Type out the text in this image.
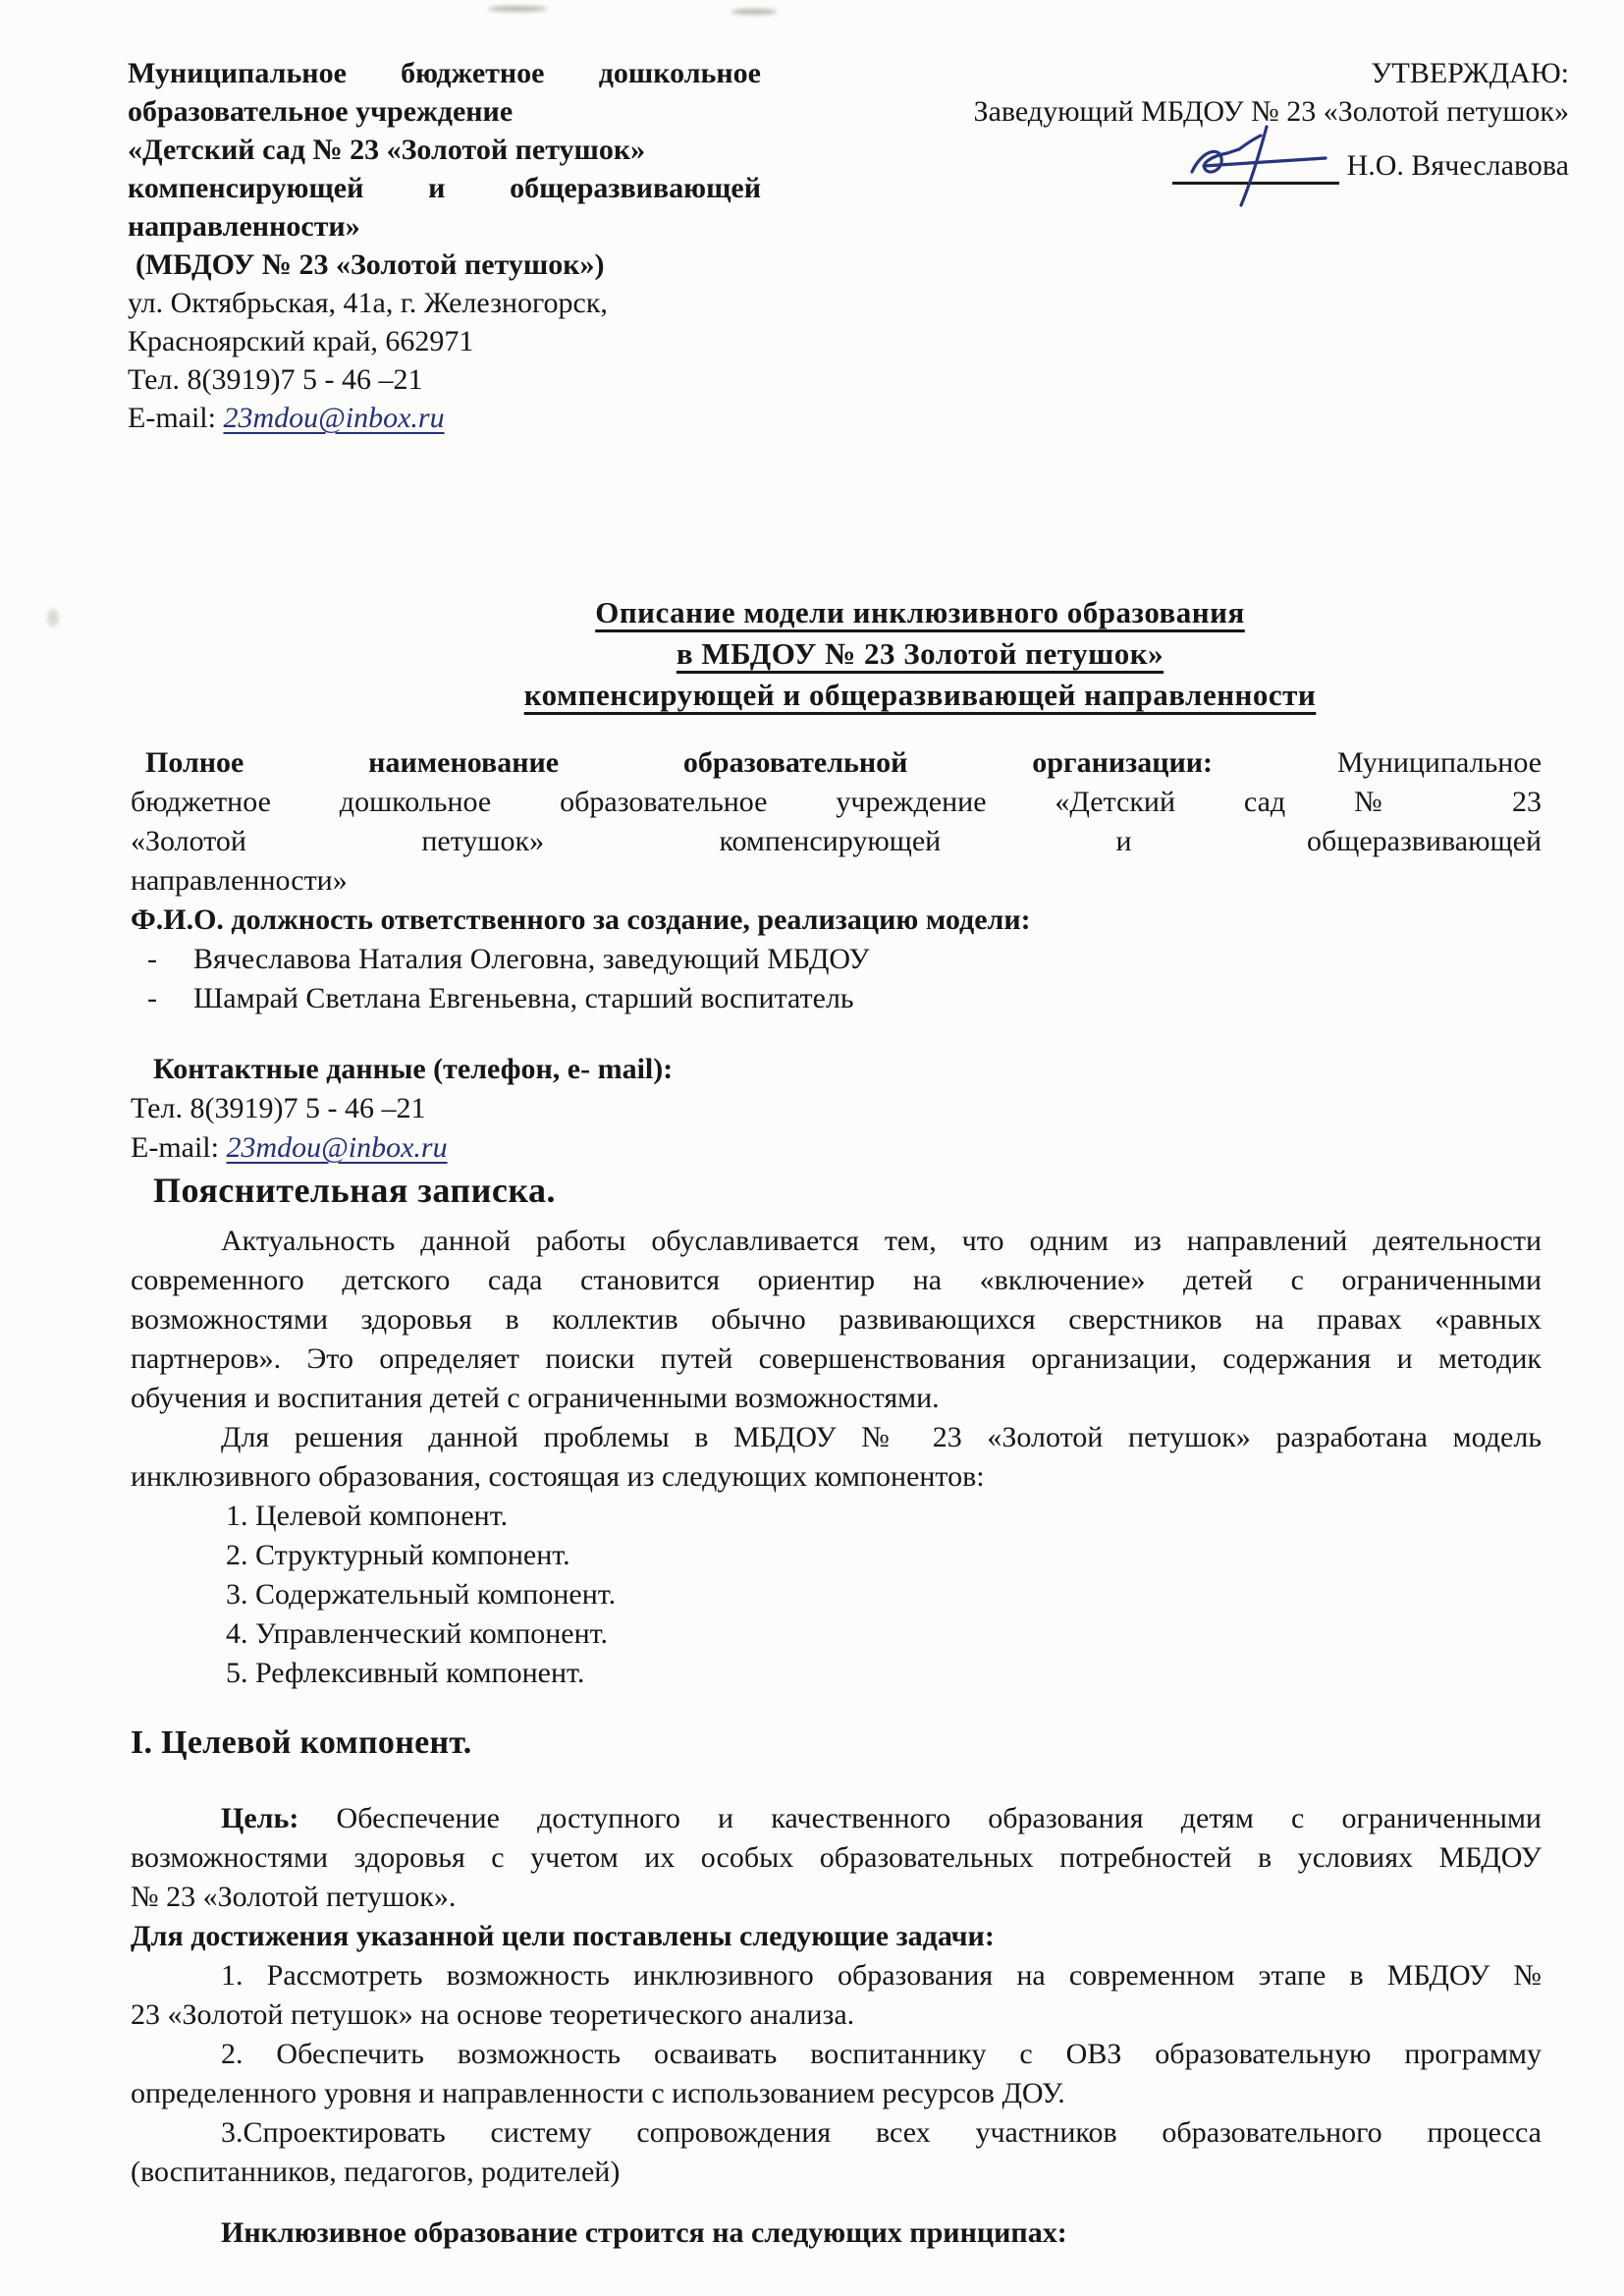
Муниципальное бюджетное дошкольное
образовательное учреждение
«Детский сад № 23 «Золотой петушок»
компенсирующей и общеразвивающей
направленности»
(МБДОУ № 23 «Золотой петушок»)
ул. Октябрьская, 41а, г. Железногорск,
Красноярский край, 662971
Тел. 8(3919)7 5 - 46 –21
E-mail: 23mdou@inbox.ru
УТВЕРЖДАЮ:
Заведующий МБДОУ № 23 «Золотой петушок»
Н.О. Вячеславова
Описание модели инклюзивного образования
в МБДОУ № 23 Золотой петушок»
компенсирующей и общеразвивающей направленности
Полное наименование образовательной организации:	Муниципальное
бюджетное дошкольное образовательное учреждение «Детский сад № 23
«Золотой петушок» компенсирующей и общеразвивающей
направленности»
Ф.И.О. должность ответственного за создание, реализацию модели:
-	Вячеславова Наталия Олеговна, заведующий МБДОУ
-	Шамрай Светлана Евгеньевна, старший воспитатель
Контактные данные (телефон, e- mail):
Тел. 8(3919)7 5 - 46 –21
E-mail: 23mdou@inbox.ru
Пояснительная записка.
Актуальность данной работы обуславливается тем, что одним из направлений деятельности
современного детского сада становится ориентир на «включение» детей с ограниченными
возможностями здоровья в коллектив обычно развивающихся сверстников на правах «равных
партнеров». Это определяет поиски путей совершенствования организации, содержания и методик
обучения и воспитания детей с ограниченными возможностями.
Для решения данной проблемы в МБДОУ № 23 «Золотой петушок» разработана модель
инклюзивного образования, состоящая из следующих компонентов:
1. Целевой компонент.
2. Структурный компонент.
3. Содержательный компонент.
4. Управленческий компонент.
5. Рефлексивный компонент.
I. Целевой компонент.
Цель: Обеспечение доступного и качественного образования детям с ограниченными
возможностями здоровья с учетом их особых образовательных потребностей в условиях МБДОУ
№ 23 «Золотой петушок».
Для достижения указанной цели поставлены следующие задачи:
1. Рассмотреть возможность инклюзивного образования на современном этапе в МБДОУ №
23 «Золотой петушок» на основе теоретического анализа.
2. Обеспечить возможность осваивать воспитаннику с ОВЗ образовательную программу
определенного уровня и направленности с использованием ресурсов ДОУ.
3.Спроектировать систему сопровождения всех участников образовательного процесса
(воспитанников, педагогов, родителей)
Инклюзивное образование строится на следующих принципах:
